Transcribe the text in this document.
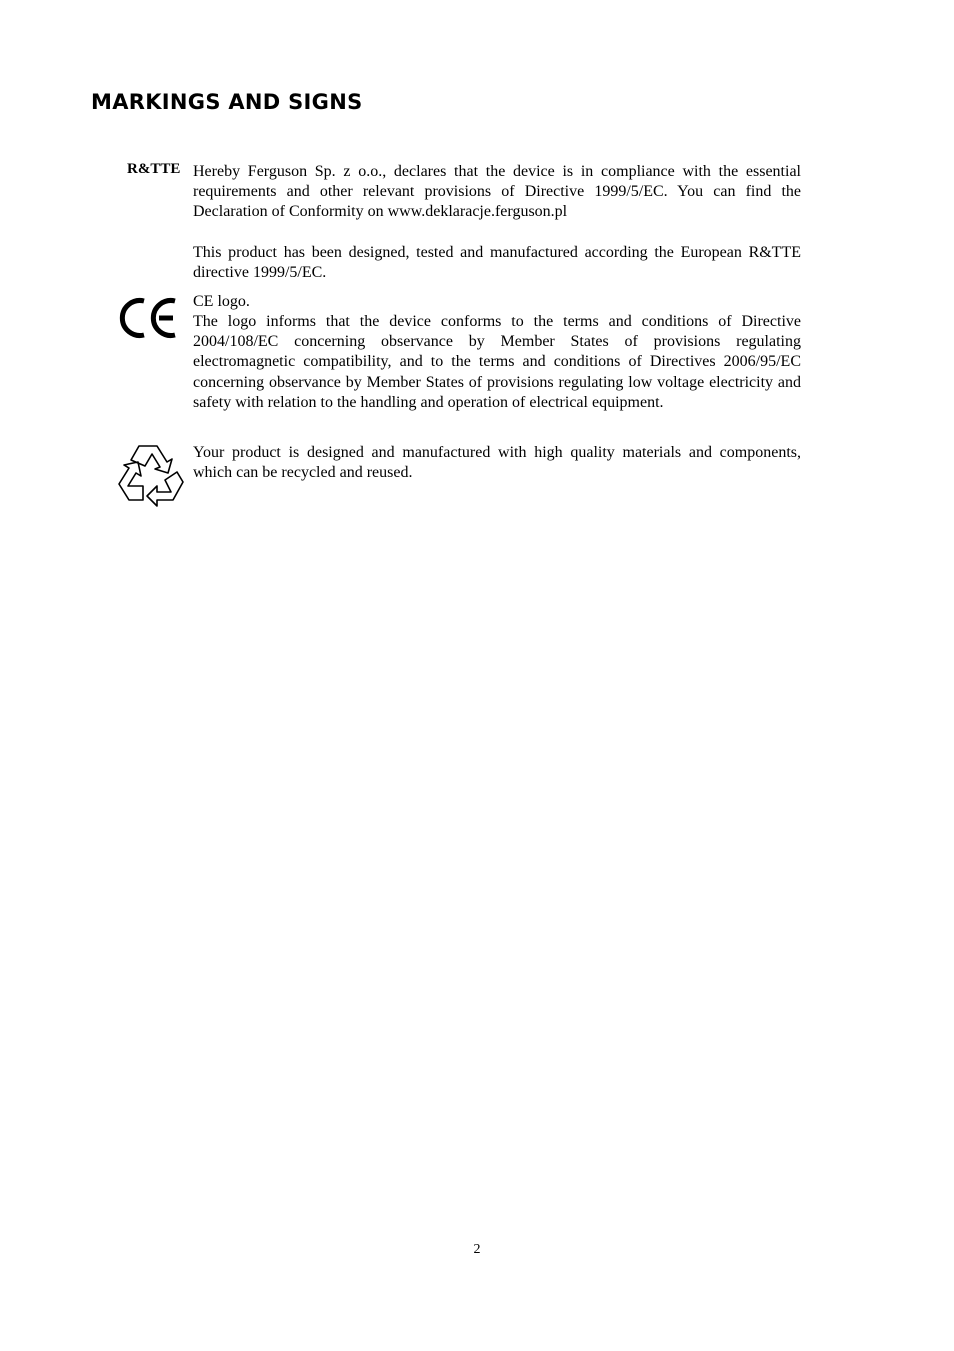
MARKINGS AND SIGNS
R&TTE Hereby Ferguson Sp. z o.o., declares that the device is in compliance with the essential requirements and other relevant provisions of Directive 1999/5/EC. You can find the Declaration of Conformity on www.deklaracje.ferguson.pl

This product has been designed, tested and manufactured according the European R&TTE directive 1999/5/EC.

CE logo.

The logo informs that the device conforms to the terms and conditions of Directive 2004/108/EC concerning observance by Member States of provisions regulating electromagnetic compatibility, and to the terms and conditions of Directives 2006/95/EC concerning observance by Member States of provisions regulating low voltage electricity and safety with relation to the handling and operation of electrical equipment.

Your product is designed and manufactured with high quality materials and components, which can be recycled and reused.

2
